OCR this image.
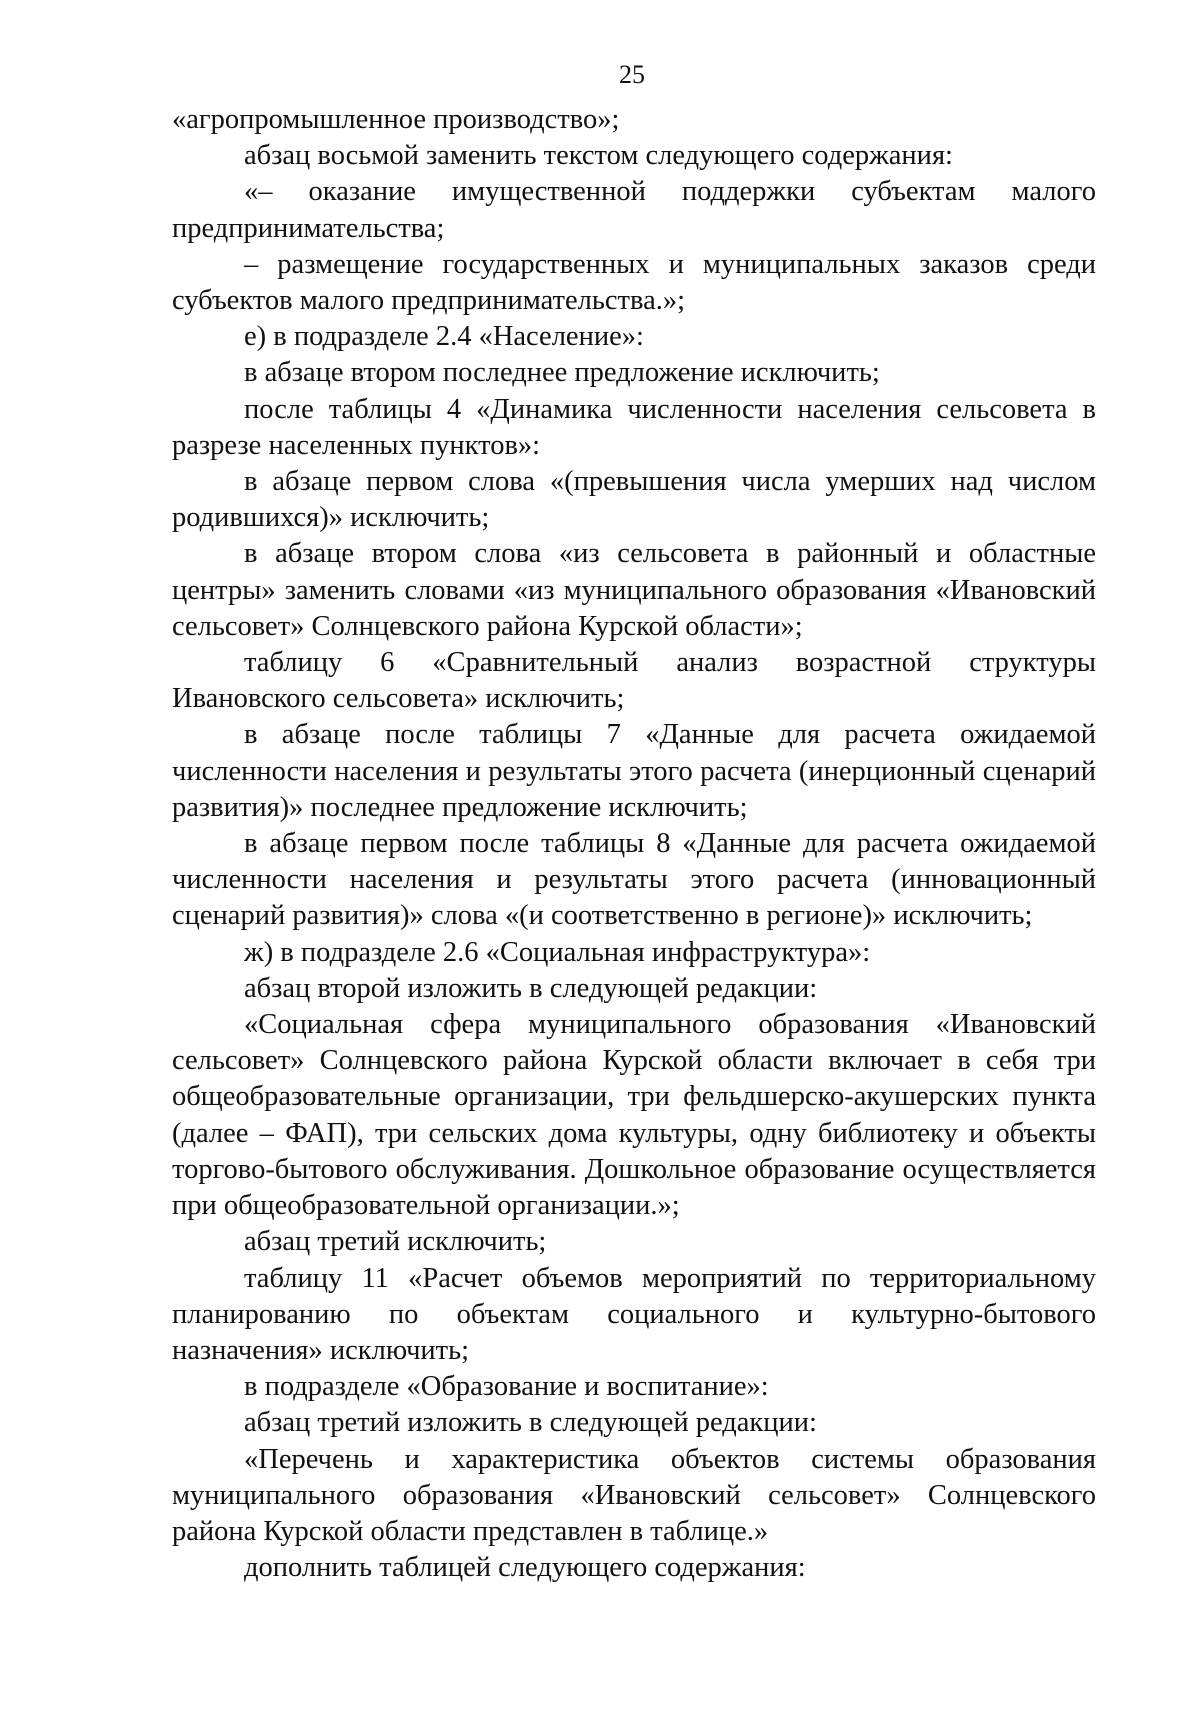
25

«агропромышленное производство»;

абзац восьмой заменить текстом следующего содержания:

«– оказание имущественной поддержки субъектам малого предпринимательства;

– размещение государственных и муниципальных заказов среди субъектов малого предпринимательства.»;

е) в подразделе 2.4 «Население»:

в абзаце втором последнее предложение исключить;

после таблицы 4 «Динамика численности населения сельсовета в разрезе населенных пунктов»:

в абзаце первом слова «(превышения числа умерших над числом родившихся)» исключить;

в абзаце втором слова «из сельсовета в районный и областные центры» заменить словами «из муниципального образования «Ивановский сельсовет» Солнцевского района Курской области»;

таблицу 6 «Сравнительный анализ возрастной структуры Ивановского сельсовета» исключить;

в абзаце после таблицы 7 «Данные для расчета ожидаемой численности населения и результаты этого расчета (инерционный сценарий развития)» последнее предложение исключить;

в абзаце первом после таблицы 8 «Данные для расчета ожидаемой численности населения и результаты этого расчета (инновационный сценарий развития)» слова «(и соответственно в регионе)» исключить;

ж) в подразделе 2.6 «Социальная инфраструктура»:

абзац второй изложить в следующей редакции:

«Социальная сфера муниципального образования «Ивановский сельсовет» Солнцевского района Курской области включает в себя три общеобразовательные организации, три фельдшерско-акушерских пункта (далее – ФАП), три сельских дома культуры, одну библиотеку и объекты торгово-бытового обслуживания. Дошкольное образование осуществляется при общеобразовательной организации.»;

абзац третий исключить;

таблицу 11 «Расчет объемов мероприятий по территориальному планированию по объектам социального и культурно-бытового назначения» исключить;

в подразделе «Образование и воспитание»:

абзац третий изложить в следующей редакции:

«Перечень и характеристика объектов системы образования муниципального образования «Ивановский сельсовет» Солнцевского района Курской области представлен в таблице.»

дополнить таблицей следующего содержания:
